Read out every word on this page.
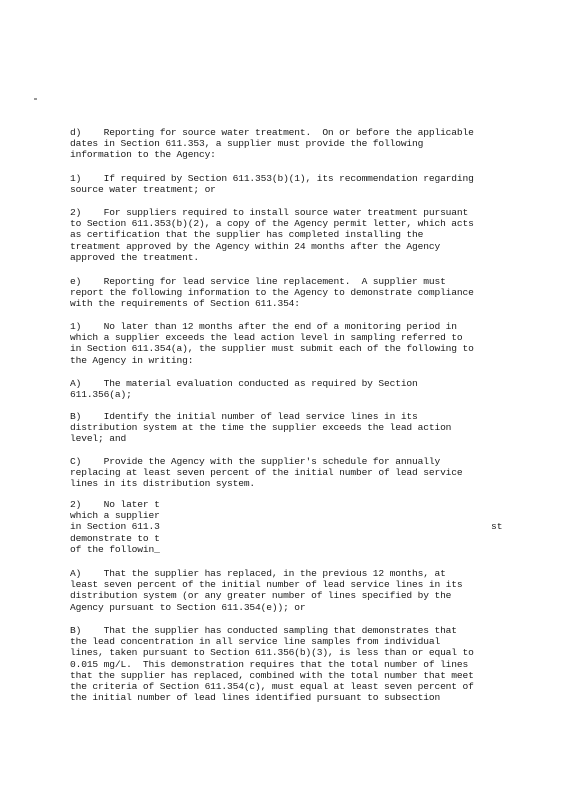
d)    Reporting for source water treatment.  On or before the applicable
dates in Section 611.353, a supplier must provide the following
information to the Agency:

1)    If required by Section 611.353(b)(1), its recommendation regarding
source water treatment; or

2)    For suppliers required to install source water treatment pursuant
to Section 611.353(b)(2), a copy of the Agency permit letter, which acts
as certification that the supplier has completed installing the
treatment approved by the Agency within 24 months after the Agency
approved the treatment.

e)    Reporting for lead service line replacement.  A supplier must
report the following information to the Agency to demonstrate compliance
with the requirements of Section 611.354:

1)    No later than 12 months after the end of a monitoring period in
which a supplier exceeds the lead action level in sampling referred to
in Section 611.354(a), the supplier must submit each of the following to
the Agency in writing:

A)    The material evaluation conducted as required by Section
611.356(a);

B)    Identify the initial number of lead service lines in its
distribution system at the time the supplier exceeds the lead action
level; and

C)    Provide the Agency with the supplier's schedule for annually
replacing at least seven percent of the initial number of lead service
lines in its distribution system.

2)    No later t
which a supplier
in Section 611.3
demonstrate to t
of the followin_

st

A)    That the supplier has replaced, in the previous 12 months, at
least seven percent of the initial number of lead service lines in its
distribution system (or any greater number of lines specified by the
Agency pursuant to Section 611.354(e)); or

B)    That the supplier has conducted sampling that demonstrates that
the lead concentration in all service line samples from individual
lines, taken pursuant to Section 611.356(b)(3), is less than or equal to
0.015 mg/L.  This demonstration requires that the total number of lines
that the supplier has replaced, combined with the total number that meet
the criteria of Section 611.354(c), must equal at least seven percent of
the initial number of lead lines identified pursuant to subsection
